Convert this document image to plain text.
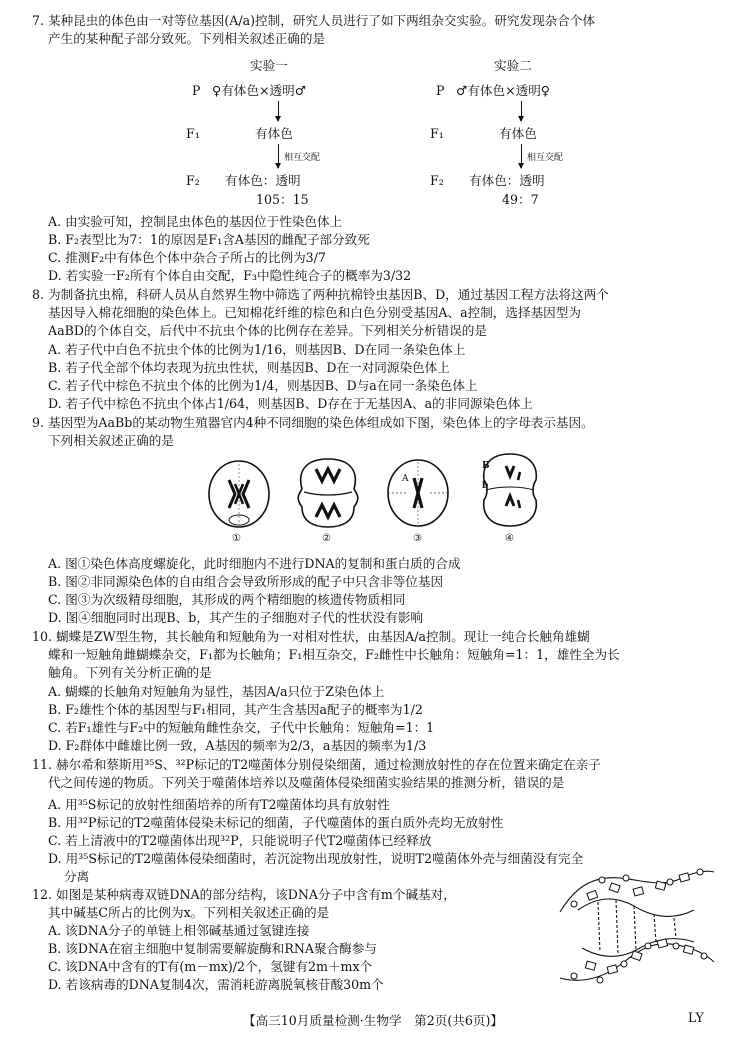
7. 某种昆虫的体色由一对等位基因(A/a)控制，研究人员进行了如下两组杂交实验。研究发现杂合个体
产生的某种配子部分致死。下列相关叙述正确的是
实验一
P ♀有体色×透明♂
F₁	有体色
相互交配
F₂ 有体色：透明
105：15
实验二
P ♂有体色×透明♀
F₁	有体色
相互交配
F₂ 有体色：透明
49：7
A. 由实验可知，控制昆虫体色的基因位于性染色体上
B. F₂表型比为7：1的原因是F₁含A基因的雌配子部分致死
C. 推测F₂中有体色个体中杂合子所占的比例为3/7
D. 若实验一F₂所有个体自由交配，F₃中隐性纯合子的概率为3/32
8. 为制备抗虫棉，科研人员从自然界生物中筛选了两种抗棉铃虫基因B、D，通过基因工程方法将这两个
基因导入棉花细胞的染色体上。已知棉花纤维的棕色和白色分别受基因A、a控制，选择基因型为
AaBD的个体自交，后代中不抗虫个体的比例存在差异。下列相关分析错误的是
A. 若子代中白色不抗虫个体的比例为1/16，则基因B、D在同一条染色体上
B. 若子代全部个体均表现为抗虫性状，则基因B、D在一对同源染色体上
C. 若子代中棕色不抗虫个体的比例为1/4，则基因B、D与a在同一条染色体上
D. 若子代中棕色不抗虫个体占1/64，则基因B、D存在于无基因A、a的非同源染色体上
9. 基因型为AaBb的某动物生殖器官内4种不同细胞的染色体组成如下图，染色体上的字母表示基因。
下列相关叙述正确的是
①	②
A
③
B
b
④
A. 图①染色体高度螺旋化，此时细胞内不进行DNA的复制和蛋白质的合成
B. 图②非同源染色体的自由组合会导致所形成的配子中只含非等位基因
C. 图③为次级精母细胞，其形成的两个精细胞的核遗传物质相同
D. 图④细胞同时出现B、b，其产生的子细胞对子代的性状没有影响
10. 蝴蝶是ZW型生物，其长触角和短触角为一对相对性状，由基因A/a控制。现让一纯合长触角雄蝴
蝶和一短触角雌蝴蝶杂交，F₁都为长触角；F₁相互杂交，F₂雌性中长触角：短触角=1：1，雄性全为长
触角。下列有关分析正确的是
A. 蝴蝶的长触角对短触角为显性，基因A/a只位于Z染色体上
B. F₂雄性个体的基因型与F₁相同，其产生含基因a配子的概率为1/2
C. 若F₁雄性与F₂中的短触角雌性杂交，子代中长触角：短触角=1：1
D. F₂群体中雌雄比例一致，A基因的频率为2/3，a基因的频率为1/3
11. 赫尔希和蔡斯用³⁵S、³²P标记的T2噬菌体分别侵染细菌，通过检测放射性的存在位置来确定在亲子
代之间传递的物质。下列关于噬菌体培养以及噬菌体侵染细菌实验结果的推测分析，错误的是
A. 用³⁵S标记的放射性细菌培养的所有T2噬菌体均具有放射性
B. 用³²P标记的T2噬菌体侵染未标记的细菌，子代噬菌体的蛋白质外壳均无放射性
C. 若上清液中的T2噬菌体出现³²P，只能说明子代T2噬菌体已经释放
D. 用³⁵S标记的T2噬菌体侵染细菌时，若沉淀物出现放射性，说明T2噬菌体外壳与细菌没有完全
分离
12. 如图是某种病毒双链DNA的部分结构，该DNA分子中含有m个碱基对，
其中碱基C所占的比例为x。下列相关叙述正确的是
A. 该DNA分子的单链上相邻碱基通过氢键连接
B. 该DNA在宿主细胞中复制需要解旋酶和RNA聚合酶参与
C. 该DNA中含有的T有(m－mx)/2个，氢键有2m＋mx个
D. 若该病毒的DNA复制4次，需消耗游离脱氧核苷酸30m个
【高三10月质量检测·生物学　第2页(共6页)】	LY
